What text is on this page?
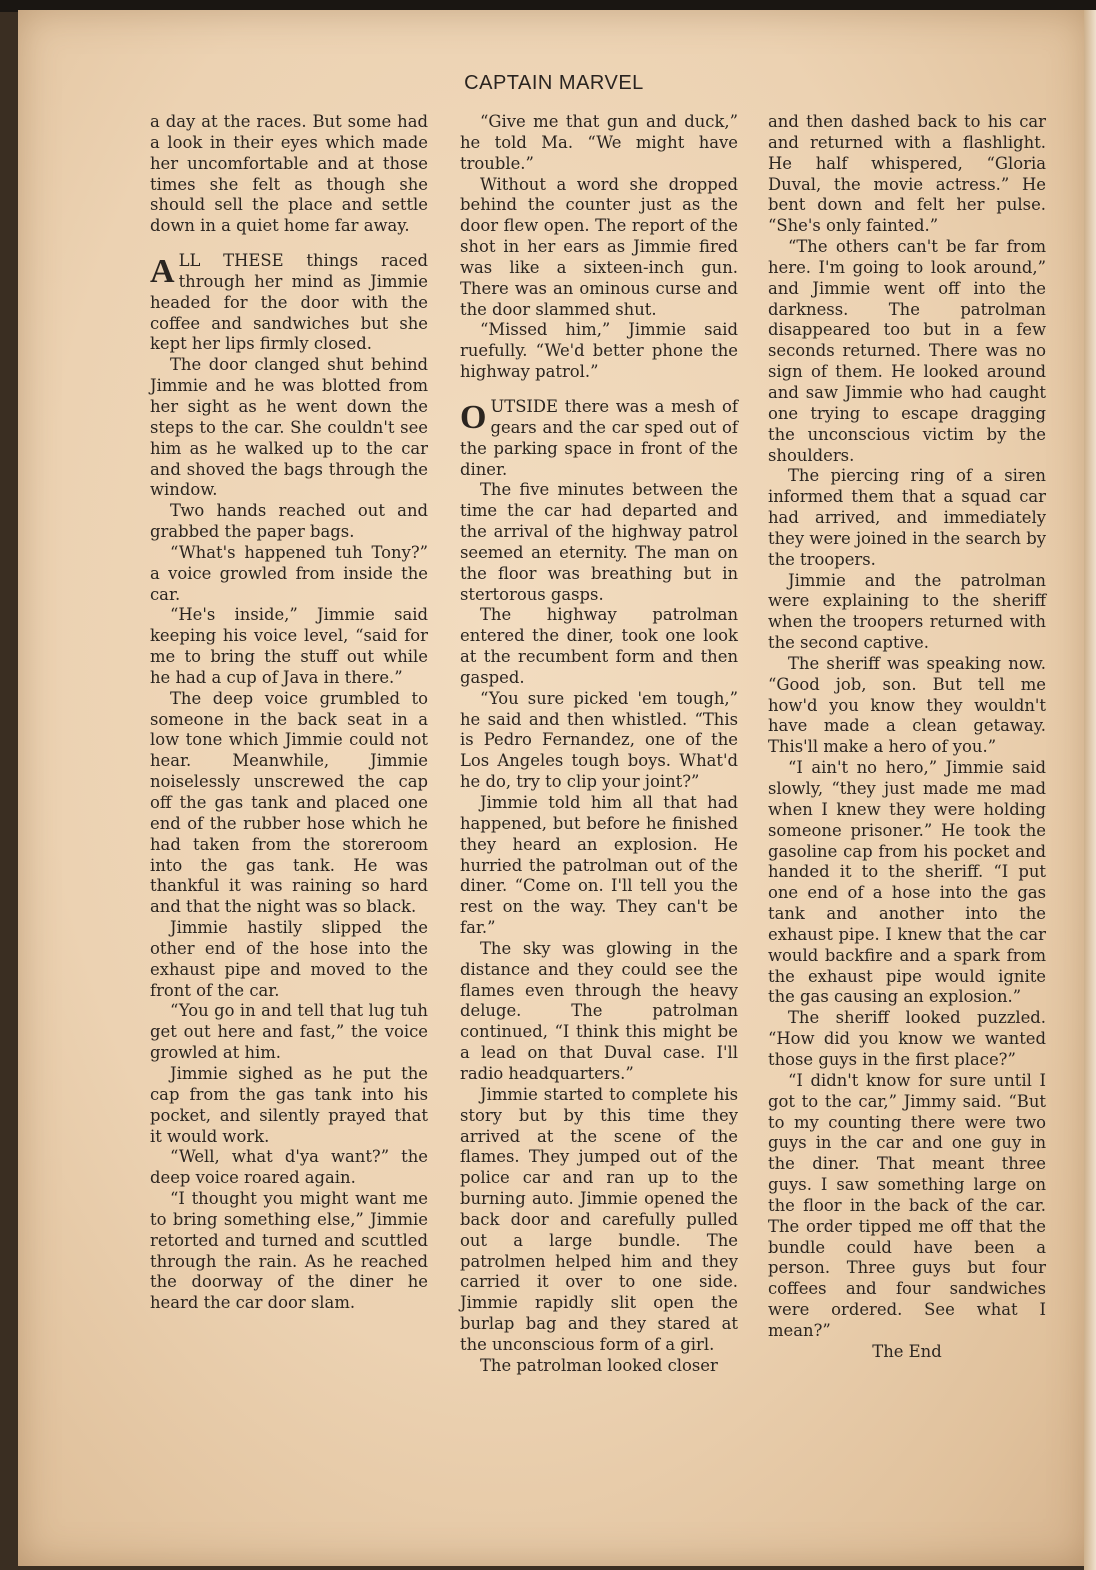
CAPTAIN MARVEL

a day at the races. But some had a look in their eyes which made her uncomfortable and at those times she felt as though she should sell the place and settle down in a quiet home far away.

ALL THESE things raced through her mind as Jimmie headed for the door with the coffee and sandwiches but she kept her lips firmly closed.

The door clanged shut behind Jimmie and he was blotted from her sight as he went down the steps to the car. She couldn't see him as he walked up to the car and shoved the bags through the window.

Two hands reached out and grabbed the paper bags.

“What's happened tuh Tony?” a voice growled from inside the car.

“He's inside,” Jimmie said keeping his voice level, “said for me to bring the stuff out while he had a cup of Java in there.”

The deep voice grumbled to someone in the back seat in a low tone which Jimmie could not hear. Meanwhile, Jimmie noiselessly unscrewed the cap off the gas tank and placed one end of the rubber hose which he had taken from the storeroom into the gas tank. He was thankful it was raining so hard and that the night was so black.

Jimmie hastily slipped the other end of the hose into the exhaust pipe and moved to the front of the car.

“You go in and tell that lug tuh get out here and fast,” the voice growled at him.

Jimmie sighed as he put the cap from the gas tank into his pocket, and silently prayed that it would work.

“Well, what d'ya want?” the deep voice roared again.

“I thought you might want me to bring something else,” Jimmie retorted and turned and scuttled through the rain. As he reached the doorway of the diner he heard the car door slam.

“Give me that gun and duck,” he told Ma. “We might have trouble.”

Without a word she dropped behind the counter just as the door flew open. The report of the shot in her ears as Jimmie fired was like a sixteen-inch gun. There was an ominous curse and the door slammed shut.

“Missed him,” Jimmie said ruefully. “We'd better phone the highway patrol.”

OUTSIDE there was a mesh of gears and the car sped out of the parking space in front of the diner.

The five minutes between the time the car had departed and the arrival of the highway patrol seemed an eternity. The man on the floor was breathing but in stertorous gasps.

The highway patrolman entered the diner, took one look at the recumbent form and then gasped.

“You sure picked 'em tough,” he said and then whistled. “This is Pedro Fernandez, one of the Los Angeles tough boys. What'd he do, try to clip your joint?”

Jimmie told him all that had happened, but before he finished they heard an explosion. He hurried the patrolman out of the diner. “Come on. I'll tell you the rest on the way. They can't be far.”

The sky was glowing in the distance and they could see the flames even through the heavy deluge. The patrolman continued, “I think this might be a lead on that Duval case. I'll radio headquarters.”

Jimmie started to complete his story but by this time they arrived at the scene of the flames. They jumped out of the police car and ran up to the burning auto. Jimmie opened the back door and carefully pulled out a large bundle. The patrolmen helped him and they carried it over to one side. Jimmie rapidly slit open the burlap bag and they stared at the unconscious form of a girl.

The patrolman looked closer

and then dashed back to his car and returned with a flashlight. He half whispered, “Gloria Duval, the movie actress.” He bent down and felt her pulse. “She's only fainted.”

“The others can't be far from here. I'm going to look around,” and Jimmie went off into the darkness. The patrolman disappeared too but in a few seconds returned. There was no sign of them. He looked around and saw Jimmie who had caught one trying to escape dragging the unconscious victim by the shoulders.

The piercing ring of a siren informed them that a squad car had arrived, and immediately they were joined in the search by the troopers.

Jimmie and the patrolman were explaining to the sheriff when the troopers returned with the second captive.

The sheriff was speaking now. “Good job, son. But tell me how'd you know they wouldn't have made a clean getaway. This'll make a hero of you.”

“I ain't no hero,” Jimmie said slowly, “they just made me mad when I knew they were holding someone prisoner.” He took the gasoline cap from his pocket and handed it to the sheriff. “I put one end of a hose into the gas tank and another into the exhaust pipe. I knew that the car would backfire and a spark from the exhaust pipe would ignite the gas causing an explosion.”

The sheriff looked puzzled. “How did you know we wanted those guys in the first place?”

“I didn't know for sure until I got to the car,” Jimmy said. “But to my counting there were two guys in the car and one guy in the diner. That meant three guys. I saw something large on the floor in the back of the car. The order tipped me off that the bundle could have been a person. Three guys but four coffees and four sandwiches were ordered. See what I mean?”

The End
